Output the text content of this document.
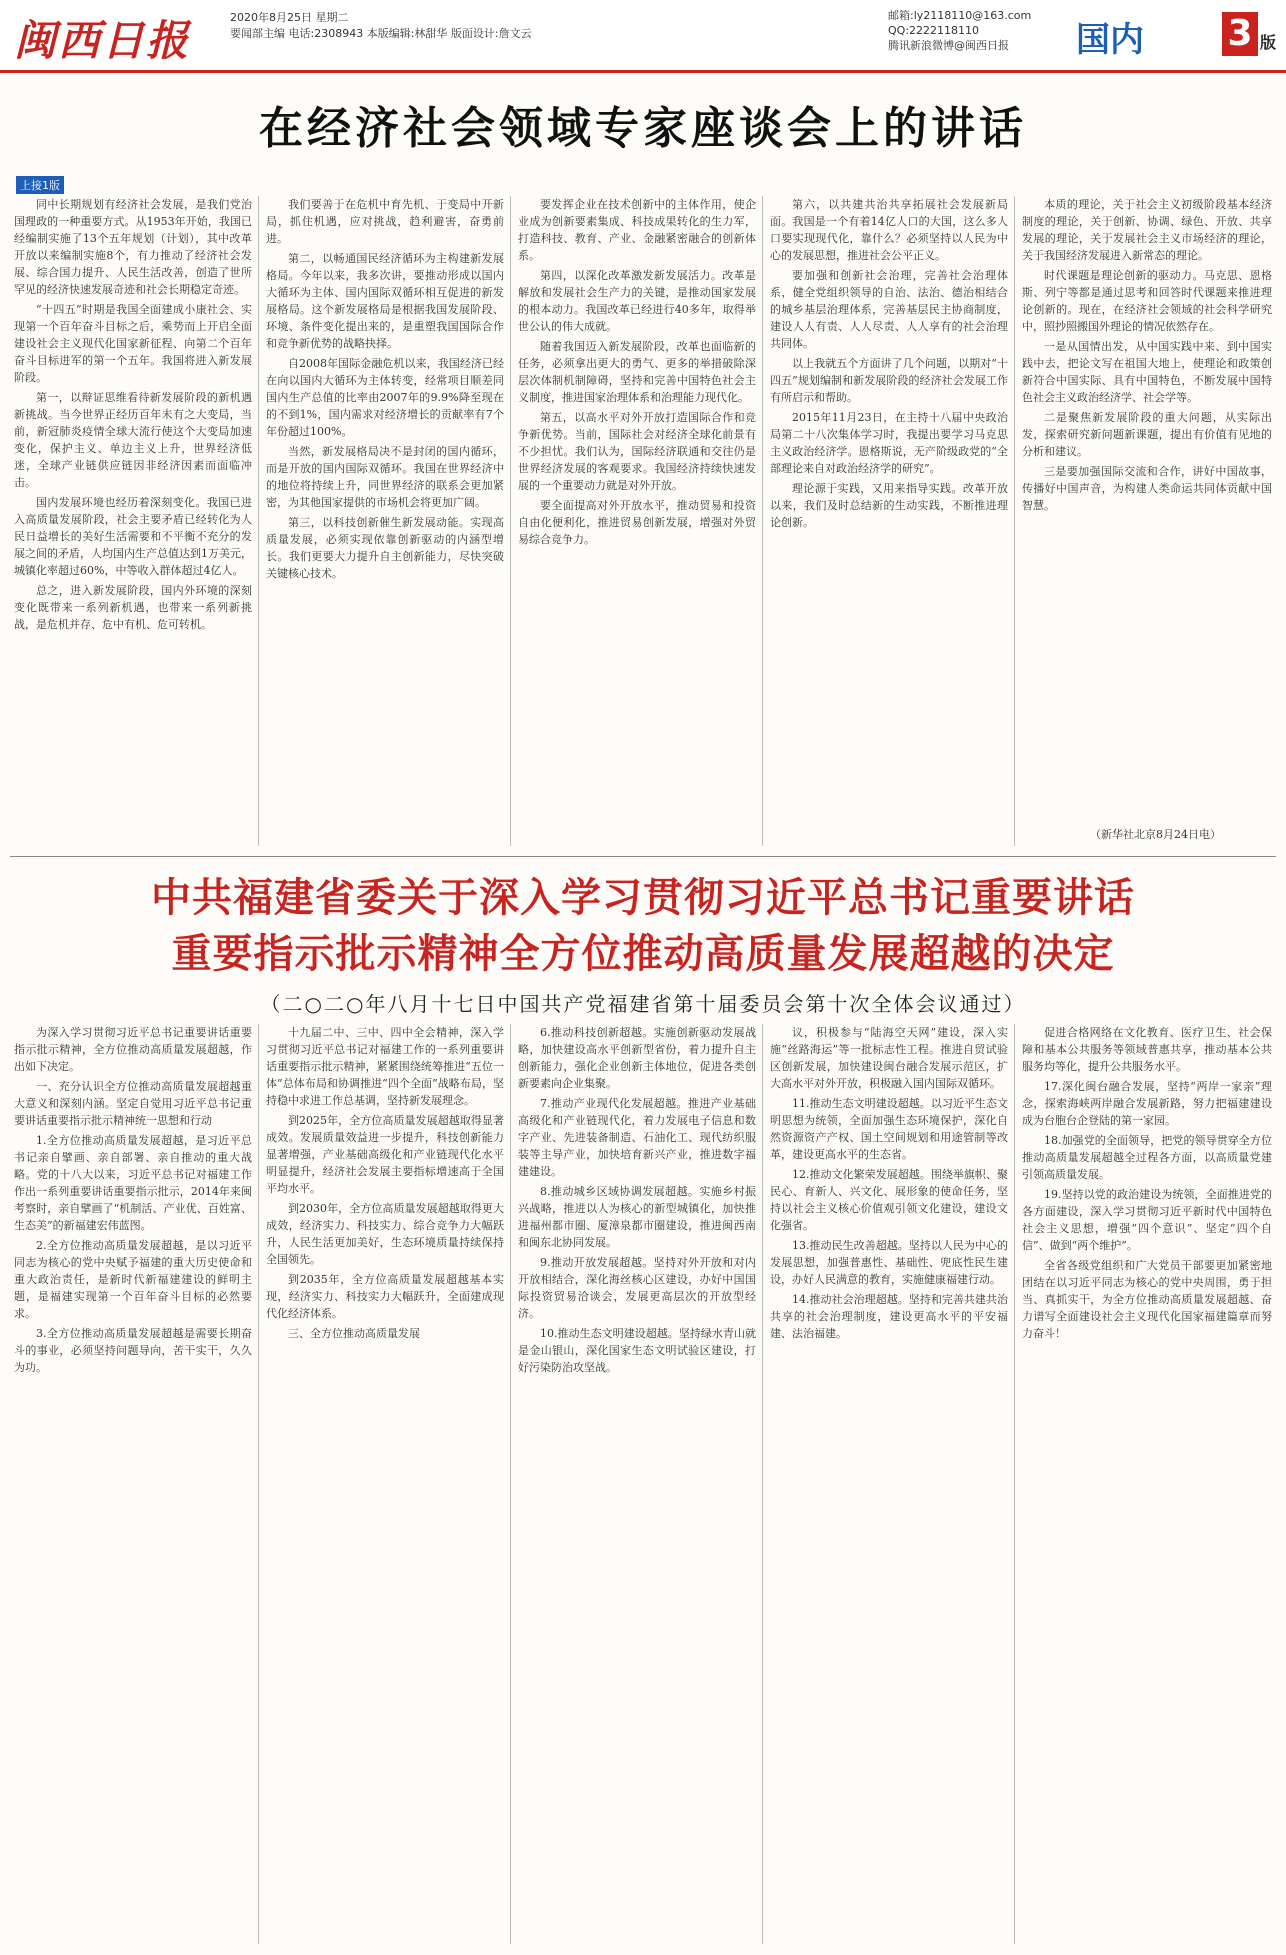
闽西日报	2020年8月25日 星期二
要闻部主编 电话:2308943 本版编辑:林甜华 版面设计:詹文云
邮箱:ly2118110@163.com
QQ:2222118110
腾讯新浪微博@闽西日报	国内 3 版
在经济社会领域专家座谈会上的讲话
上接1版

同中长期规划有经济社会发展，是我们党治国理政的一种重要方式。从1953年开始，我国已经编制实施了13个五年规划（计划），其中改革开放以来编制实施8个，有力推动了经济社会发展、综合国力提升、人民生活改善，创造了世所罕见的经济快速发展奇迹和社会长期稳定奇迹。

“十四五”时期是我国全面建成小康社会、实现第一个百年奋斗目标之后，乘势而上开启全面建设社会主义现代化国家新征程、向第二个百年奋斗目标进军的第一个五年。我国将进入新发展阶段。

第一，以辩证思维看待新发展阶段的新机遇新挑战。当今世界正经历百年未有之大变局，当前，新冠肺炎疫情全球大流行使这个大变局加速变化，保护主义、单边主义上升，世界经济低迷，全球产业链供应链因非经济因素而面临冲击。

国内发展环境也经历着深刻变化。我国已进入高质量发展阶段，社会主要矛盾已经转化为人民日益增长的美好生活需要和不平衡不充分的发展之间的矛盾，人均国内生产总值达到1万美元，城镇化率超过60%，中等收入群体超过4亿人。

总之，进入新发展阶段，国内外环境的深刻变化既带来一系列新机遇，也带来一系列新挑战，是危机并存、危中有机、危可转机。

我们要善于在危机中育先机、于变局中开新局，抓住机遇，应对挑战，趋利避害，奋勇前进。

第二，以畅通国民经济循环为主构建新发展格局。今年以来，我多次讲，要推动形成以国内大循环为主体、国内国际双循环相互促进的新发展格局。这个新发展格局是根据我国发展阶段、环境、条件变化提出来的，是重塑我国国际合作和竞争新优势的战略抉择。

自2008年国际金融危机以来，我国经济已经在向以国内大循环为主体转变，经常项目顺差同国内生产总值的比率由2007年的9.9%降至现在的不到1%，国内需求对经济增长的贡献率有7个年份超过100%。

当然，新发展格局决不是封闭的国内循环，而是开放的国内国际双循环。我国在世界经济中的地位将持续上升，同世界经济的联系会更加紧密，为其他国家提供的市场机会将更加广阔。

第三，以科技创新催生新发展动能。实现高质量发展，必须实现依靠创新驱动的内涵型增长。我们更要大力提升自主创新能力，尽快突破关键核心技术。

要发挥企业在技术创新中的主体作用，使企业成为创新要素集成、科技成果转化的生力军，打造科技、教育、产业、金融紧密融合的创新体系。

第四，以深化改革激发新发展活力。改革是解放和发展社会生产力的关键，是推动国家发展的根本动力。我国改革已经进行40多年，取得举世公认的伟大成就。

随着我国迈入新发展阶段，改革也面临新的任务，必须拿出更大的勇气、更多的举措破除深层次体制机制障碍，坚持和完善中国特色社会主义制度，推进国家治理体系和治理能力现代化。

第五，以高水平对外开放打造国际合作和竞争新优势。当前，国际社会对经济全球化前景有不少担忧。我们认为，国际经济联通和交往仍是世界经济发展的客观要求。我国经济持续快速发展的一个重要动力就是对外开放。

要全面提高对外开放水平，推动贸易和投资自由化便利化，推进贸易创新发展，增强对外贸易综合竞争力。

第六，以共建共治共享拓展社会发展新局面。我国是一个有着14亿人口的大国，这么多人口要实现现代化，靠什么？必须坚持以人民为中心的发展思想，推进社会公平正义。

要加强和创新社会治理，完善社会治理体系，健全党组织领导的自治、法治、德治相结合的城乡基层治理体系，完善基层民主协商制度，建设人人有责、人人尽责、人人享有的社会治理共同体。

以上我就五个方面讲了几个问题，以期对“十四五”规划编制和新发展阶段的经济社会发展工作有所启示和帮助。

2015年11月23日，在主持十八届中央政治局第二十八次集体学习时，我提出要学习马克思主义政治经济学。恩格斯说，无产阶级政党的“全部理论来自对政治经济学的研究”。

理论源于实践，又用来指导实践。改革开放以来，我们及时总结新的生动实践，不断推进理论创新。

本质的理论，关于社会主义初级阶段基本经济制度的理论，关于创新、协调、绿色、开放、共享发展的理论，关于发展社会主义市场经济的理论，关于我国经济发展进入新常态的理论。

时代课题是理论创新的驱动力。马克思、恩格斯、列宁等都是通过思考和回答时代课题来推进理论创新的。现在，在经济社会领域的社会科学研究中，照抄照搬国外理论的情况依然存在。

一是从国情出发，从中国实践中来、到中国实践中去，把论文写在祖国大地上，使理论和政策创新符合中国实际、具有中国特色，不断发展中国特色社会主义政治经济学、社会学等。

二是聚焦新发展阶段的重大问题，从实际出发，探索研究新问题新课题，提出有价值有见地的分析和建议。

三是要加强国际交流和合作，讲好中国故事，传播好中国声音，为构建人类命运共同体贡献中国智慧。

（新华社北京8月24日电）
中共福建省委关于深入学习贯彻习近平总书记重要讲话
重要指示批示精神全方位推动高质量发展超越的决定
（二○二○年八月十七日中国共产党福建省第十届委员会第十次全体会议通过）

为深入学习贯彻习近平总书记重要讲话重要指示批示精神，全方位推动高质量发展超越，作出如下决定。

一、充分认识全方位推动高质量发展超越重大意义和深刻内涵。坚定自觉用习近平总书记重要讲话重要指示批示精神统一思想和行动

1.全方位推动高质量发展超越，是习近平总书记亲自擘画、亲自部署、亲自推动的重大战略。党的十八大以来，习近平总书记对福建工作作出一系列重要讲话重要指示批示，2014年来闽考察时，亲自擘画了“机制活、产业优、百姓富、生态美”的新福建宏伟蓝图。

2.全方位推动高质量发展超越，是以习近平同志为核心的党中央赋予福建的重大历史使命和重大政治责任，是新时代新福建建设的鲜明主题，是福建实现第一个百年奋斗目标的必然要求。

3.全方位推动高质量发展超越是需要长期奋斗的事业，必须坚持问题导向，苦干实干，久久为功。

十九届二中、三中、四中全会精神，深入学习贯彻习近平总书记对福建工作的一系列重要讲话重要指示批示精神，紧紧围绕统筹推进“五位一体”总体布局和协调推进“四个全面”战略布局，坚持稳中求进工作总基调，坚持新发展理念。

到2025年，全方位高质量发展超越取得显著成效。发展质量效益进一步提升，科技创新能力显著增强，产业基础高级化和产业链现代化水平明显提升，经济社会发展主要指标增速高于全国平均水平。

到2030年，全方位高质量发展超越取得更大成效，经济实力、科技实力、综合竞争力大幅跃升，人民生活更加美好，生态环境质量持续保持全国领先。

到2035年，全方位高质量发展超越基本实现，经济实力、科技实力大幅跃升，全面建成现代化经济体系。

三、全方位推动高质量发展

6.推动科技创新超越。实施创新驱动发展战略，加快建设高水平创新型省份，着力提升自主创新能力，强化企业创新主体地位，促进各类创新要素向企业集聚。

7.推动产业现代化发展超越。推进产业基础高级化和产业链现代化，着力发展电子信息和数字产业、先进装备制造、石油化工、现代纺织服装等主导产业，加快培育新兴产业，推进数字福建建设。

8.推动城乡区域协调发展超越。实施乡村振兴战略，推进以人为核心的新型城镇化，加快推进福州都市圈、厦漳泉都市圈建设，推进闽西南和闽东北协同发展。

9.推动开放发展超越。坚持对外开放和对内开放相结合，深化海丝核心区建设，办好中国国际投资贸易洽谈会，发展更高层次的开放型经济。

10.推动生态文明建设超越。坚持绿水青山就是金山银山，深化国家生态文明试验区建设，打好污染防治攻坚战。

议，积极参与“陆海空天网”建设，深入实施“丝路海运”等一批标志性工程。推进自贸试验区创新发展，加快建设闽台融合发展示范区，扩大高水平对外开放，积极融入国内国际双循环。

11.推动生态文明建设超越。以习近平生态文明思想为统领，全面加强生态环境保护，深化自然资源资产产权、国土空间规划和用途管制等改革，建设更高水平的生态省。

12.推动文化繁荣发展超越。围绕举旗帜、聚民心、育新人、兴文化、展形象的使命任务，坚持以社会主义核心价值观引领文化建设，建设文化强省。

13.推动民生改善超越。坚持以人民为中心的发展思想，加强普惠性、基础性、兜底性民生建设，办好人民满意的教育，实施健康福建行动。

14.推动社会治理超越。坚持和完善共建共治共享的社会治理制度，建设更高水平的平安福建、法治福建。

促进合格网络在文化教育、医疗卫生、社会保障和基本公共服务等领域普惠共享，推动基本公共服务均等化，提升公共服务水平。

17.深化闽台融合发展，坚持“两岸一家亲”理念，探索海峡两岸融合发展新路，努力把福建建设成为台胞台企登陆的第一家园。

18.加强党的全面领导，把党的领导贯穿全方位推动高质量发展超越全过程各方面，以高质量党建引领高质量发展。

19.坚持以党的政治建设为统领，全面推进党的各方面建设，深入学习贯彻习近平新时代中国特色社会主义思想，增强“四个意识”、坚定“四个自信”、做到“两个维护”。

全省各级党组织和广大党员干部要更加紧密地团结在以习近平同志为核心的党中央周围，勇于担当、真抓实干，为全方位推动高质量发展超越、奋力谱写全面建设社会主义现代化国家福建篇章而努力奋斗！
